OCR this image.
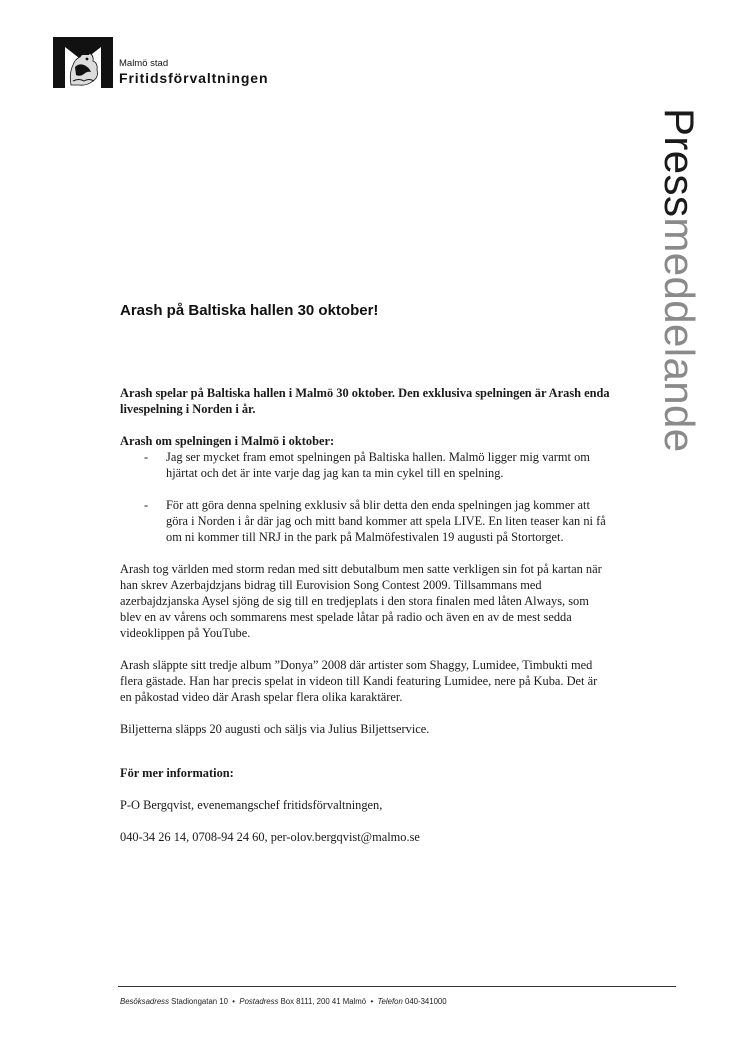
Malmö stad
Fritidsförvaltningen
Pressmeddelande
Arash på Baltiska hallen 30 oktober!

Arash spelar på Baltiska hallen i Malmö 30 oktober. Den exklusiva spelningen är Arash enda livespelning i Norden i år.

Arash om spelningen i Malmö i oktober:

- Jag ser mycket fram emot spelningen på Baltiska hallen. Malmö ligger mig varmt om hjärtat och det är inte varje dag jag kan ta min cykel till en spelning.
- För att göra denna spelning exklusiv så blir detta den enda spelningen jag kommer att göra i Norden i år där jag och mitt band kommer att spela LIVE. En liten teaser kan ni få om ni kommer till NRJ in the park på Malmöfestivalen 19 augusti på Stortorget.

Arash tog världen med storm redan med sitt debutalbum men satte verkligen sin fot på kartan när han skrev Azerbajdzjans bidrag till Eurovision Song Contest 2009. Tillsammans med azerbajdzjanska Aysel sjöng de sig till en tredjeplats i den stora finalen med låten Always, som blev en av vårens och sommarens mest spelade låtar på radio och även en av de mest sedda videoklippen på YouTube.

Arash släppte sitt tredje album ”Donya” 2008 där artister som Shaggy, Lumidee, Timbukti med flera gästade. Han har precis spelat in videon till Kandi featuring Lumidee, nere på Kuba. Det är en påkostad video där Arash spelar flera olika karaktärer.

Biljetterna släpps 20 augusti och säljs via Julius Biljettservice.

För mer information:

P-O Bergqvist, evenemangschef fritidsförvaltningen,

040-34 26 14, 0708-94 24 60, per-olov.bergqvist@malmo.se

Besöksadress Stadiongatan 10 • Postadress Box 8111, 200 41 Malmö • Telefon 040-341000
